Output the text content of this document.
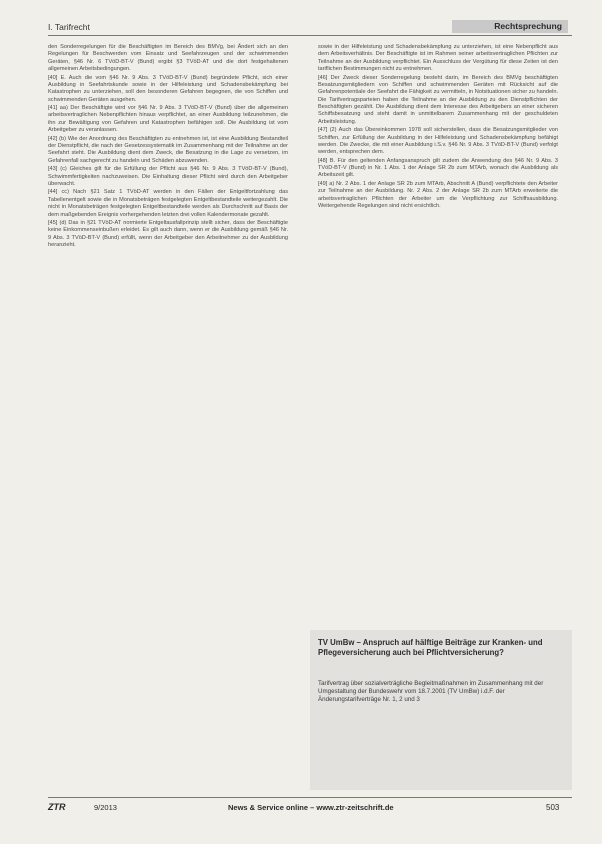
I. Tarifrecht	Rechtsprechung

den Sonderregelungen für die Beschäftigten im Bereich des BMVg, bei Ändert sich an den Regelungen für Beschwerden vom Einsatz und Seefahrzeugen und der schwimmenden Geräten, §46 Nr. 6 TVöD-BT-V (Bund) ergibt §3 TVöD-AT und die dort festgehaltenen allgemeinen Arbeitsbedingungen.

[40] E. Auch die vom §46 Nr. 9 Abs. 3 TVöD-BT-V (Bund) begründete Pflicht, sich einer Ausbildung in Seefahrtskunde sowie in der Hilfeleistung und Schadensbekämpfung bei Katastrophen zu unterziehen, soll den besonderen Gefahren begegnen, die von Schiffen und schwimmenden Geräten ausgehen.

[41] aa) Der Beschäftigte wird vor §46 Nr. 9 Abs. 3 TVöD-BT-V (Bund) über die allgemeinen arbeitsvertraglichen Nebenpflichten hinaus verpflichtet, an einer Ausbildung teilzunehmen, die ihn zur Bewältigung von Gefahren und Katastrophen befähigen soll. Die Ausbildung ist vom Arbeitgeber zu veranlassen.

[42] (b) Wie der Anordnung des Beschäftigten zu entnehmen ist, ist eine Ausbildung Bestandteil der Dienstpflicht, die nach der Gesetzessystematik im Zusammenhang mit der Teilnahme an der Seefahrt steht. Die Ausbildung dient dem Zweck, die Besatzung in die Lage zu versetzen, im Gefahrenfall sachgerecht zu handeln und Schäden abzuwenden.

[43] (c) Gleiches gilt für die Erfüllung der Pflicht aus §46 Nr. 9 Abs. 3 TVöD-BT-V (Bund), Schwimmfertigkeiten nachzuweisen. Die Einhaltung dieser Pflicht wird durch den Arbeitgeber überwacht.

[44] cc) Nach §21 Satz 1 TVöD-AT werden in den Fällen der Entgeltfortzahlung das Tabellenentgelt sowie die in Monatsbeträgen festgelegten Entgeltbestandteile weitergezahlt. Die nicht in Monatsbeträgen festgelegten Entgeltbestandteile werden als Durchschnitt auf Basis der dem maßgebenden Ereignis vorhergehenden letzten drei vollen Kalendermonate gezahlt.

[45] (d) Das in §21 TVöD-AT normierte Entgeltausfallprinzip stellt sicher, dass der Beschäftigte keine Einkommenseinbußen erleidet. Es gilt auch dann, wenn er die Ausbildung gemäß §46 Nr. 9 Abs. 3 TVöD-BT-V (Bund) erfüllt, wenn der Arbeitgeber den Arbeitnehmer zu der Ausbildung heranzieht.

sowie in der Hilfeleistung und Schadensbekämpfung zu unterziehen, ist eine Nebenpflicht aus dem Arbeitsverhältnis. Der Beschäftigte ist im Rahmen seiner arbeitsvertraglichen Pflichten zur Teilnahme an der Ausbildung verpflichtet. Ein Ausschluss der Vergütung für diese Zeiten ist den tariflichen Bestimmungen nicht zu entnehmen.

[46] Der Zweck dieser Sonderregelung besteht darin, im Bereich des BMVg beschäftigten Besatzungsmitgliedern von Schiffen und schwimmenden Geräten mit Rücksicht auf die Gefahrenpotentiale der Seefahrt die Fähigkeit zu vermitteln, in Notsituationen sicher zu handeln. Die Tarifvertragsparteien haben die Teilnahme an der Ausbildung zu den Dienstpflichten der Beschäftigten gezählt. Die Ausbildung dient dem Interesse des Arbeitgebers an einer sicheren Schiffsbesatzung und steht damit in unmittelbarem Zusammenhang mit der geschuldeten Arbeitsleistung.

[47] (2) Auch das Übereinkommen 1978 soll sicherstellen, dass die Besatzungsmitglieder von Schiffen, zur Erfüllung der Ausbildung in der Hilfeleistung und Schadensbekämpfung befähigt werden. Die Zwecke, die mit einer Ausbildung i.S.v. §46 Nr. 9 Abs. 3 TVöD-BT-V (Bund) verfolgt werden, entsprechen dem.

[48] B. Für den geltenden Anfangsanspruch gilt zudem die Anwendung des §46 Nr. 9 Abs. 3 TVöD-BT-V (Bund) in Nr. 1 Abs. 1 der Anlage SR 2b zum MTArb, wonach die Ausbildung als Arbeitszeit gilt.

[49] a) Nr. 2 Abs. 1 der Anlage SR 2b zum MTArb, Abschnitt A (Bund) verpflichtete den Arbeiter zur Teilnahme an der Ausbildung. Nr. 2 Abs. 2 der Anlage SR 2b zum MTArb erweiterte die arbeitsvertraglichen Pflichten der Arbeiter um die Verpflichtung zur Schiffsausbildung. Weitergehende Regelungen sind nicht ersichtlich.

TV UmBw – Anspruch auf hälftige Beiträge zur Kranken- und Pflegeversicherung auch bei Pflichtversicherung?
Tarifvertrag über sozialverträgliche Begleitmaßnahmen im Zusammenhang mit der Umgestaltung der Bundeswehr vom 18.7.2001 (TV UmBw) i.d.F. der Änderungstarifverträge Nr. 1, 2 und 3
ZTR	9/2013	News & Service online – www.ztr-zeitschrift.de	503
